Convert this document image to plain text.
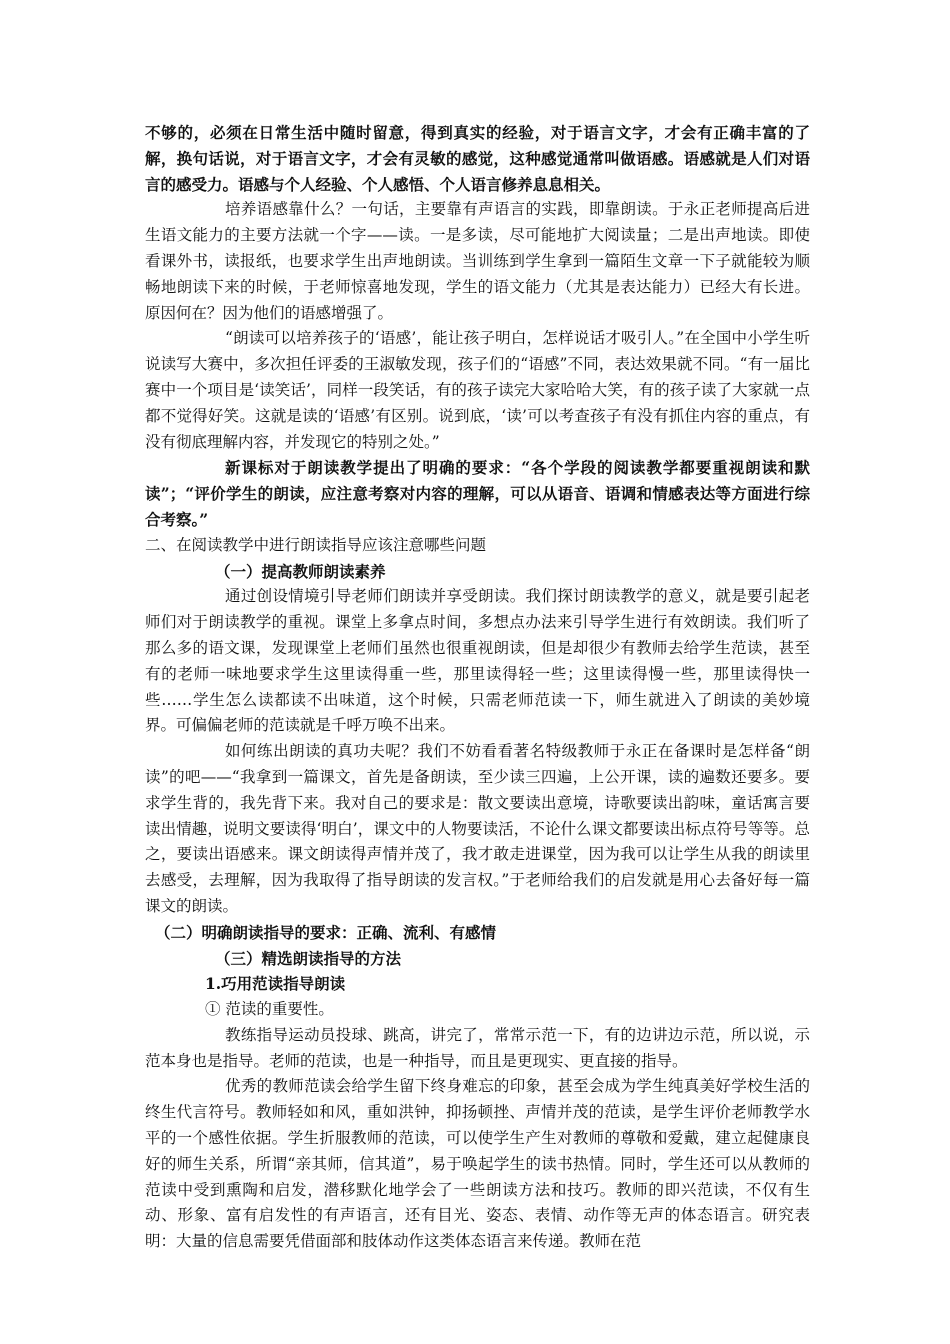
不够的，必须在日常生活中随时留意，得到真实的经验，对于语言文字，才会有正确丰富的了解，换句话说，对于语言文字，才会有灵敏的感觉，这种感觉通常叫做语感。语感就是人们对语言的感受力。语感与个人经验、个人感悟、个人语言修养息息相关。

培养语感靠什么？一句话，主要靠有声语言的实践，即靠朗读。于永正老师提高后进生语文能力的主要方法就一个字——读。一是多读，尽可能地扩大阅读量；二是出声地读。即使看课外书，读报纸，也要求学生出声地朗读。当训练到学生拿到一篇陌生文章一下子就能较为顺畅地朗读下来的时候，于老师惊喜地发现，学生的语文能力（尤其是表达能力）已经大有长进。原因何在？因为他们的语感增强了。

“朗读可以培养孩子的‘语感’，能让孩子明白，怎样说话才吸引人。”在全国中小学生听说读写大赛中，多次担任评委的王淑敏发现，孩子们的“语感”不同，表达效果就不同。“有一届比赛中一个项目是‘读笑话’，同样一段笑话，有的孩子读完大家哈哈大笑，有的孩子读了大家就一点都不觉得好笑。这就是读的‘语感’有区别。说到底，‘读’可以考查孩子有没有抓住内容的重点，有没有彻底理解内容，并发现它的特别之处。”

新课标对于朗读教学提出了明确的要求：“各个学段的阅读教学都要重视朗读和默读”；“评价学生的朗读，应注意考察对内容的理解，可以从语音、语调和情感表达等方面进行综合考察。”

二、在阅读教学中进行朗读指导应该注意哪些问题

（一）提高教师朗读素养

通过创设情境引导老师们朗读并享受朗读。我们探讨朗读教学的意义，就是要引起老师们对于朗读教学的重视。课堂上多拿点时间，多想点办法来引导学生进行有效朗读。我们听了那么多的语文课，发现课堂上老师们虽然也很重视朗读，但是却很少有教师去给学生范读，甚至有的老师一味地要求学生这里读得重一些，那里读得轻一些；这里读得慢一些，那里读得快一些……学生怎么读都读不出味道，这个时候，只需老师范读一下，师生就进入了朗读的美妙境界。可偏偏老师的范读就是千呼万唤不出来。

如何练出朗读的真功夫呢？我们不妨看看著名特级教师于永正在备课时是怎样备“朗读”的吧——“我拿到一篇课文，首先是备朗读，至少读三四遍，上公开课，读的遍数还要多。要求学生背的，我先背下来。我对自己的要求是：散文要读出意境，诗歌要读出韵味，童话寓言要读出情趣，说明文要读得‘明白’，课文中的人物要读活，不论什么课文都要读出标点符号等等。总之，要读出语感来。课文朗读得声情并茂了，我才敢走进课堂，因为我可以让学生从我的朗读里去感受，去理解，因为我取得了指导朗读的发言权。”于老师给我们的启发就是用心去备好每一篇课文的朗读。

（二）明确朗读指导的要求：正确、流利、有感情

（三）精选朗读指导的方法

1.巧用范读指导朗读

① 范读的重要性。

教练指导运动员投球、跳高，讲完了，常常示范一下，有的边讲边示范，所以说，示范本身也是指导。老师的范读，也是一种指导，而且是更现实、更直接的指导。

优秀的教师范读会给学生留下终身难忘的印象，甚至会成为学生纯真美好学校生活的终生代言符号。教师轻如和风，重如洪钟，抑扬顿挫、声情并茂的范读，是学生评价老师教学水平的一个感性依据。学生折服教师的范读，可以使学生产生对教师的尊敬和爱戴，建立起健康良好的师生关系，所谓“亲其师，信其道”，易于唤起学生的读书热情。同时，学生还可以从教师的范读中受到熏陶和启发，潜移默化地学会了一些朗读方法和技巧。教师的即兴范读，不仅有生动、形象、富有启发性的有声语言，还有目光、姿态、表情、动作等无声的体态语言。研究表明：大量的信息需要凭借面部和肢体动作这类体态语言来传递。教师在范
